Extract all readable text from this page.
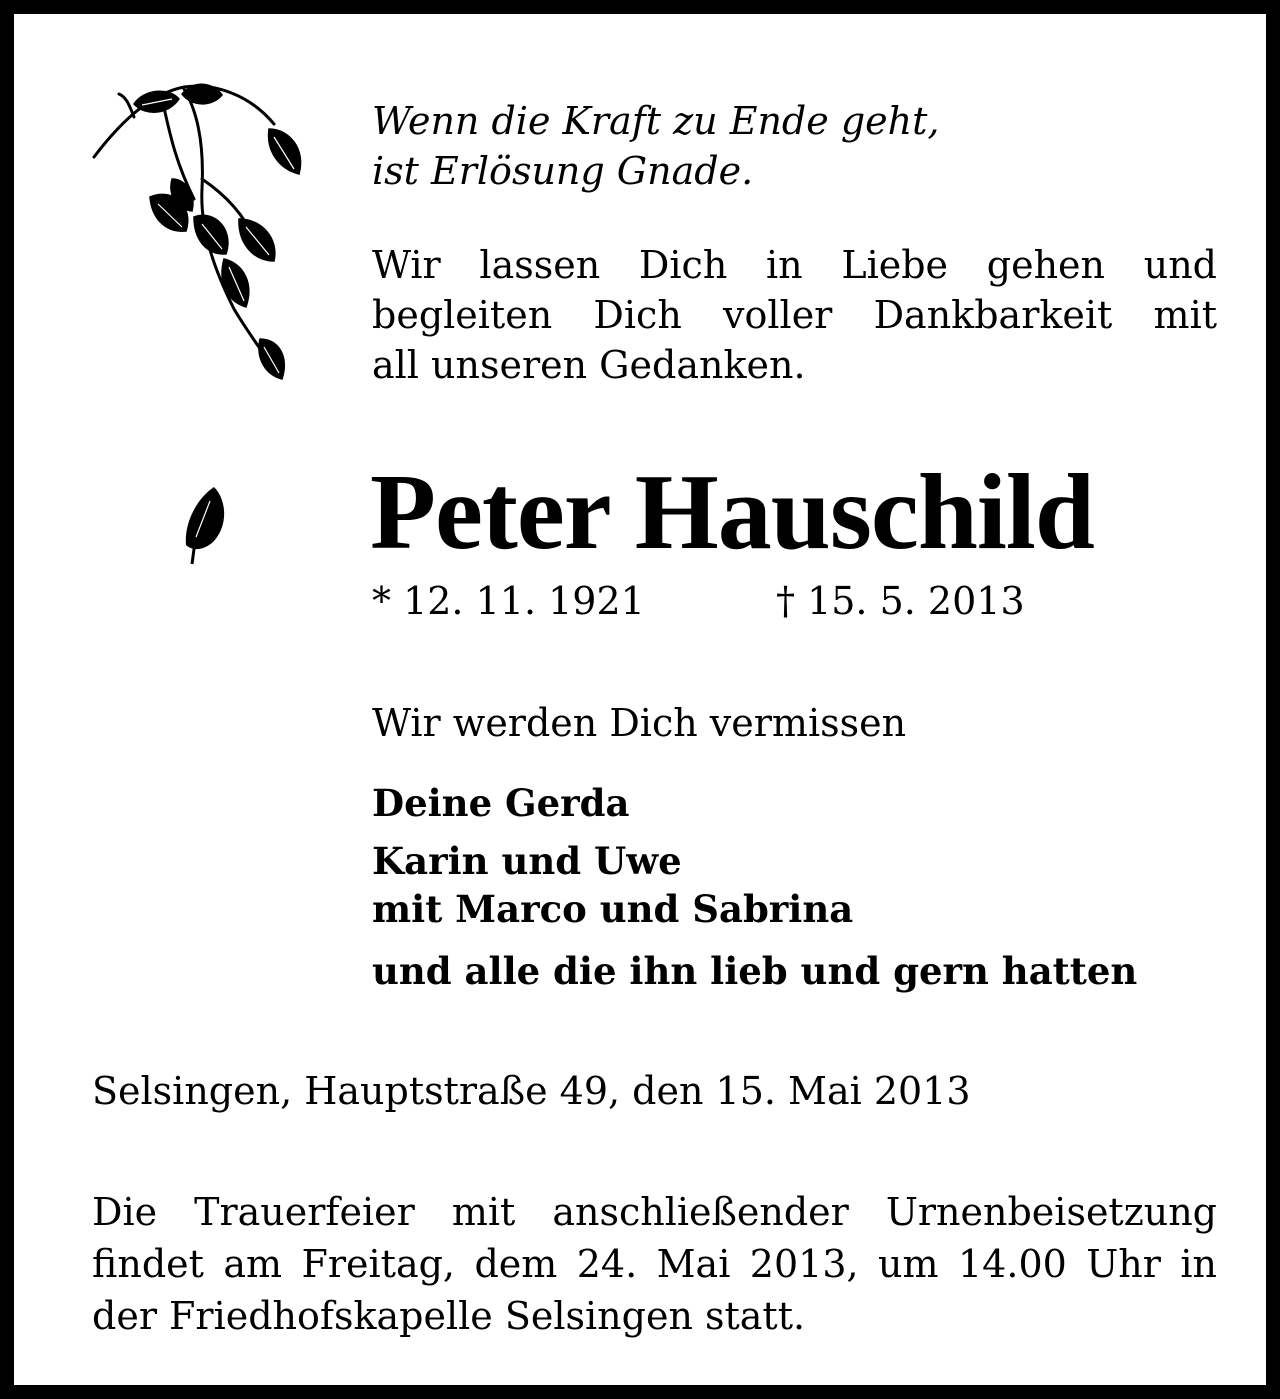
Wenn die Kraft zu Ende geht,
ist Erlösung Gnade.
Wir lassen Dich in Liebe gehen und
begleiten Dich voller Dankbarkeit mit
all unseren Gedanken.
Peter Hauschild
* 12. 11. 1921	† 15. 5. 2013
Wir werden Dich vermissen
Deine Gerda
Karin und Uwe
mit Marco und Sabrina
und alle die ihn lieb und gern hatten
Selsingen, Hauptstraße 49, den 15. Mai 2013
Die Trauerfeier mit anschließender Urnenbeisetzung
findet am Freitag, dem 24. Mai 2013, um 14.00 Uhr in
der Friedhofskapelle Selsingen statt.
